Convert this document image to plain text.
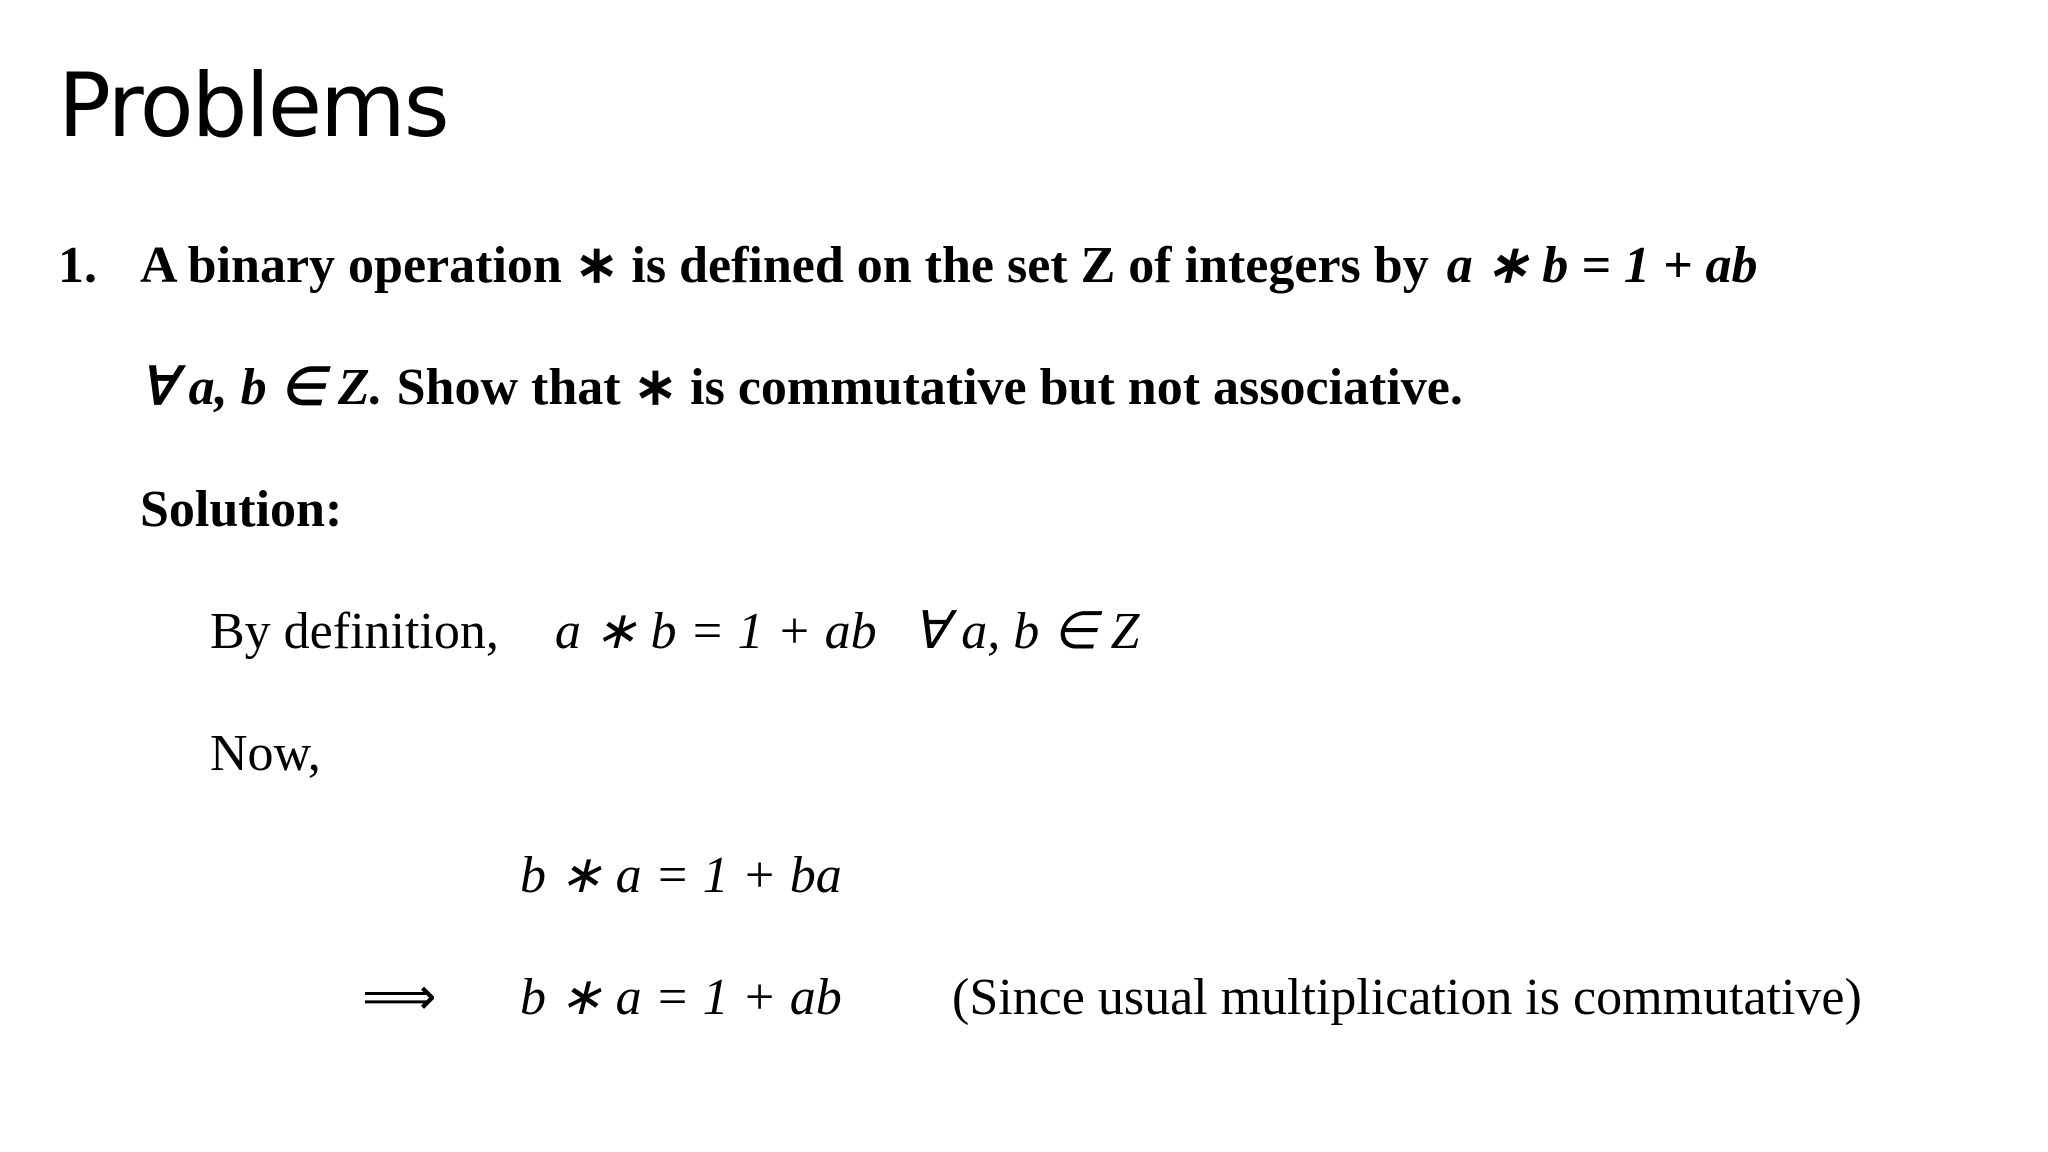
Problems
1. A binary operation ∗ is defined on the set Z of integers by a ∗ b = 1 + ab
∀ a, b ∈ Z. Show that ∗ is commutative but not associative.
Solution:
By definition, a ∗ b = 1 + ab ∀ a, b ∈ Z
Now,
b ∗ a = 1 + ba
⟹ b ∗ a = 1 + ab (Since usual multiplication is commutative)
